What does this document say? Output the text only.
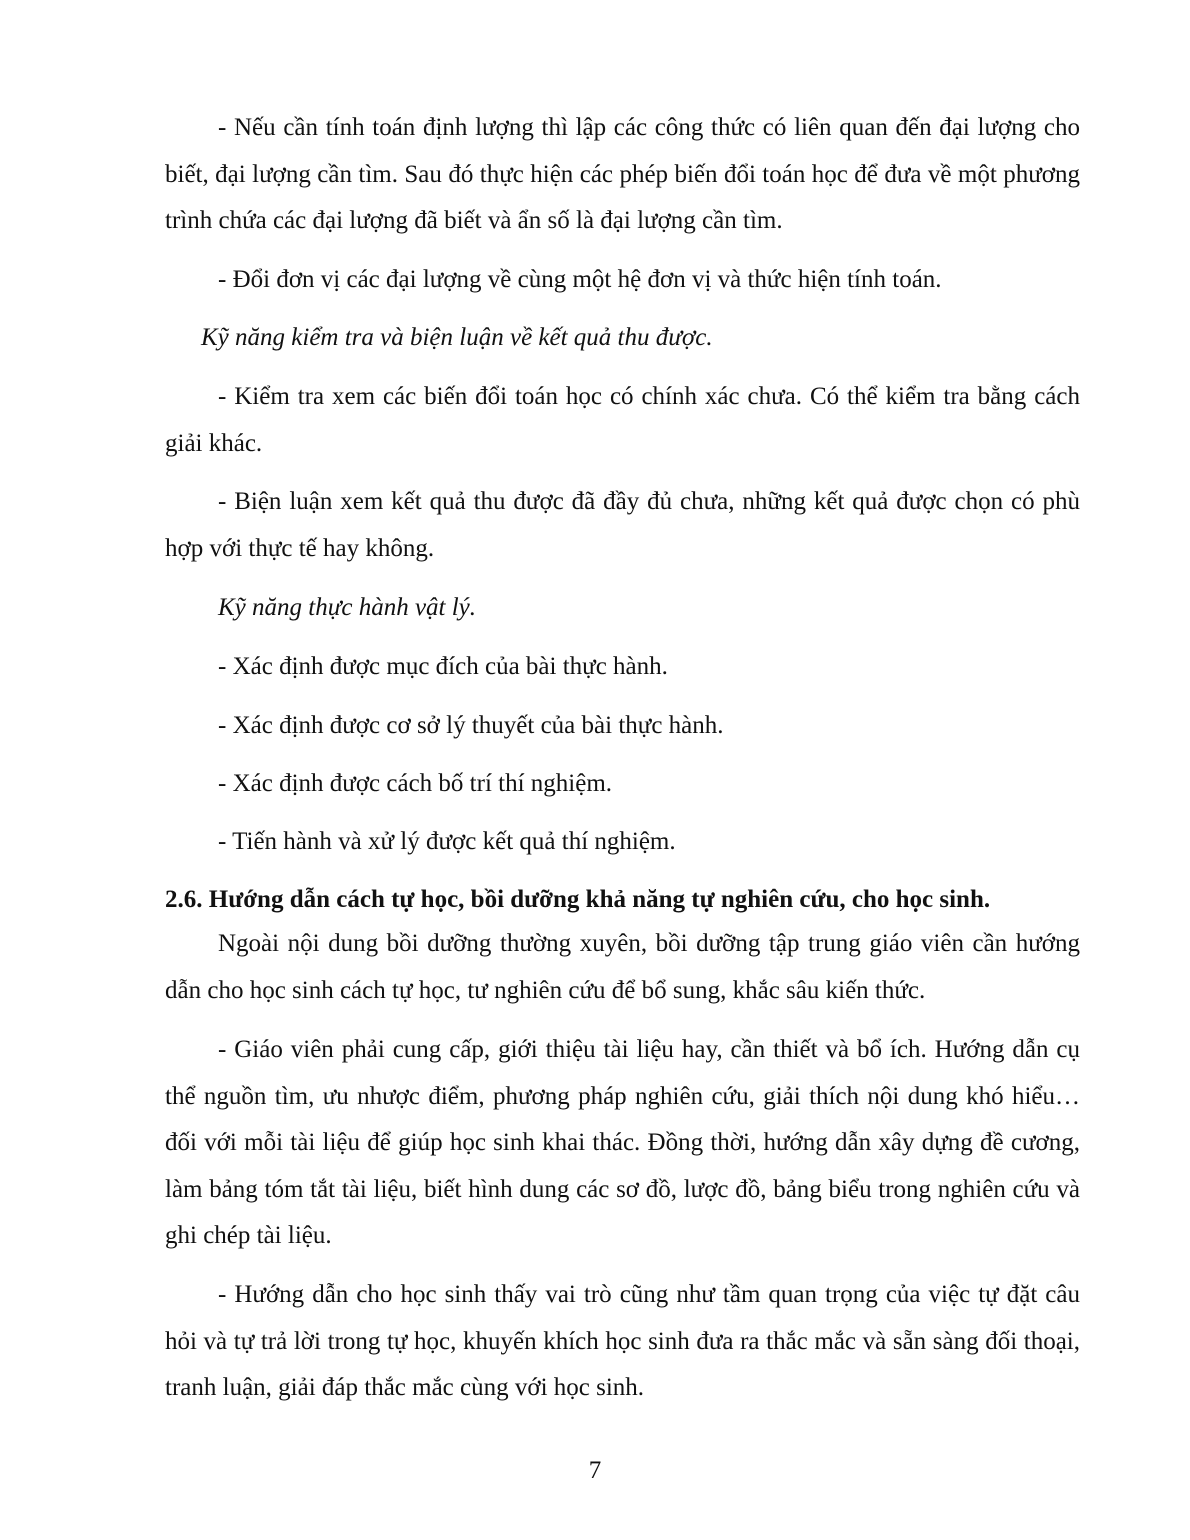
- Nếu cần tính toán định lượng thì lập các công thức có liên quan đến đại lượng cho biết, đại lượng cần tìm. Sau đó thực hiện các phép biến đổi toán học để đưa về một phương trình chứa các đại lượng đã biết và ẩn số là đại lượng cần tìm.

- Đổi đơn vị các đại lượng về cùng một hệ đơn vị và thức hiện tính toán.

Kỹ năng kiểm tra và biện luận về kết quả thu được.

- Kiểm tra xem các biến đổi toán học có chính xác chưa. Có thể kiểm tra bằng cách giải khác.

- Biện luận xem kết quả thu được đã đầy đủ chưa, những kết quả được chọn có phù hợp với thực tế hay không.

Kỹ năng thực hành vật lý.

- Xác định được mục đích của bài thực hành.

- Xác định được cơ sở lý thuyết của bài thực hành.

- Xác định được cách bố trí thí nghiệm.

- Tiến hành và xử lý được kết quả thí nghiệm.

2.6. Hướng dẫn cách tự học, bồi dưỡng khả năng tự nghiên cứu, cho học sinh.

Ngoài nội dung bồi dưỡng thường xuyên, bồi dưỡng tập trung giáo viên cần hướng dẫn cho học sinh cách tự học, tư nghiên cứu để bổ sung, khắc sâu kiến thức.

- Giáo viên phải cung cấp, giới thiệu tài liệu hay, cần thiết và bổ ích. Hướng dẫn cụ thể nguồn tìm, ưu nhược điểm, phương pháp nghiên cứu, giải thích nội dung khó hiểu…đối với mỗi tài liệu để giúp học sinh khai thác. Đồng thời, hướng dẫn xây dựng đề cương, làm bảng tóm tắt tài liệu, biết hình dung các sơ đồ, lược đồ, bảng biểu trong nghiên cứu và ghi chép tài liệu.

- Hướng dẫn cho học sinh thấy vai trò cũng như tầm quan trọng của việc tự đặt câu hỏi và tự trả lời trong tự học, khuyến khích học sinh đưa ra thắc mắc và sẵn sàng đối thoại, tranh luận, giải đáp thắc mắc cùng với học sinh.

7
